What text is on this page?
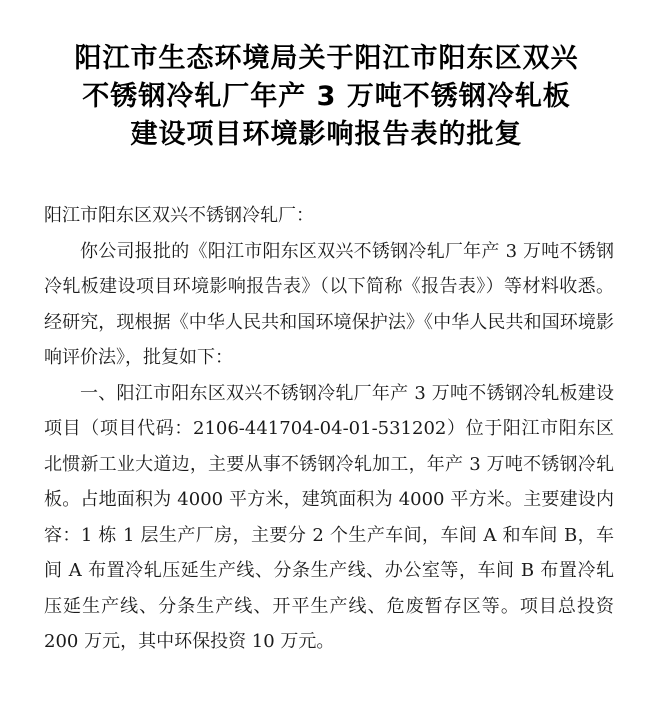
阳江市生态环境局关于阳江市阳东区双兴
不锈钢冷轧厂年产 3 万吨不锈钢冷轧板
建设项目环境影响报告表的批复

阳江市阳东区双兴不锈钢冷轧厂：

你公司报批的《阳江市阳东区双兴不锈钢冷轧厂年产 3 万吨不锈钢冷轧板建设项目环境影响报告表》（以下简称《报告表》）等材料收悉。经研究，现根据《中华人民共和国环境保护法》《中华人民共和国环境影响评价法》，批复如下：

一、阳江市阳东区双兴不锈钢冷轧厂年产 3 万吨不锈钢冷轧板建设项目（项目代码：2106-441704-04-01-531202）位于阳江市阳东区北惯新工业大道边，主要从事不锈钢冷轧加工，年产 3 万吨不锈钢冷轧板。占地面积为 4000 平方米，建筑面积为 4000 平方米。主要建设内容：1 栋 1 层生产厂房，主要分 2 个生产车间，车间 A 和车间 B，车间 A 布置冷轧压延生产线、分条生产线、办公室等，车间 B 布置冷轧压延生产线、分条生产线、开平生产线、危废暂存区等。项目总投资 200 万元，其中环保投资 10 万元。
